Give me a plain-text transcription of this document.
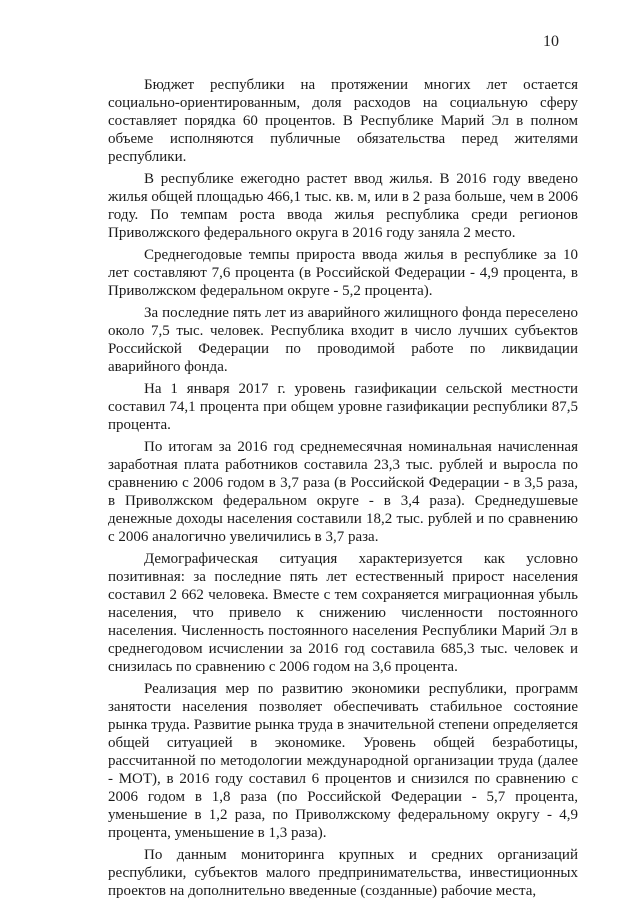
10

Бюджет республики на протяжении многих лет остается социально-ориентированным, доля расходов на социальную сферу составляет порядка 60 процентов. В Республике Марий Эл в полном объеме исполняются публичные обязательства перед жителями республики.

В республике ежегодно растет ввод жилья. В 2016 году введено жилья общей площадью 466,1 тыс. кв. м, или в 2 раза больше, чем в 2006 году. По темпам роста ввода жилья республика среди регионов Приволжского федерального округа в 2016 году заняла 2 место.

Среднегодовые темпы прироста ввода жилья в республике за 10 лет составляют 7,6 процента (в Российской Федерации - 4,9 процента, в Приволжском федеральном округе - 5,2 процента).

За последние пять лет из аварийного жилищного фонда переселено около 7,5 тыс. человек. Республика входит в число лучших субъектов Российской Федерации по проводимой работе по ликвидации аварийного фонда.

На 1 января 2017 г. уровень газификации сельской местности составил 74,1 процента при общем уровне газификации республики 87,5 процента.

По итогам за 2016 год среднемесячная номинальная начисленная заработная плата работников составила 23,3 тыс. рублей и выросла по сравнению с 2006 годом в 3,7 раза (в Российской Федерации - в 3,5 раза, в Приволжском федеральном округе - в 3,4 раза). Среднедушевые денежные доходы населения составили 18,2 тыс. рублей и по сравнению с 2006 аналогично увеличились в 3,7 раза.

Демографическая ситуация характеризуется как условно позитивная: за последние пять лет естественный прирост населения составил 2 662 человека. Вместе с тем сохраняется миграционная убыль населения, что привело к снижению численности постоянного населения. Численность постоянного населения Республики Марий Эл в среднегодовом исчислении за 2016 год составила 685,3 тыс. человек и снизилась по сравнению с 2006 годом на 3,6 процента.

Реализация мер по развитию экономики республики, программ занятости населения позволяет обеспечивать стабильное состояние рынка труда. Развитие рынка труда в значительной степени определяется общей ситуацией в экономике. Уровень общей безработицы, рассчитанной по методологии международной организации труда (далее - МОТ), в 2016 году составил 6 процентов и снизился по сравнению с 2006 годом в 1,8 раза (по Российской Федерации - 5,7 процента, уменьшение в 1,2 раза, по Приволжскому федеральному округу - 4,9 процента, уменьшение в 1,3 раза).

По данным мониторинга крупных и средних организаций республики, субъектов малого предпринимательства, инвестиционных проектов на дополнительно введенные (созданные) рабочие места,
